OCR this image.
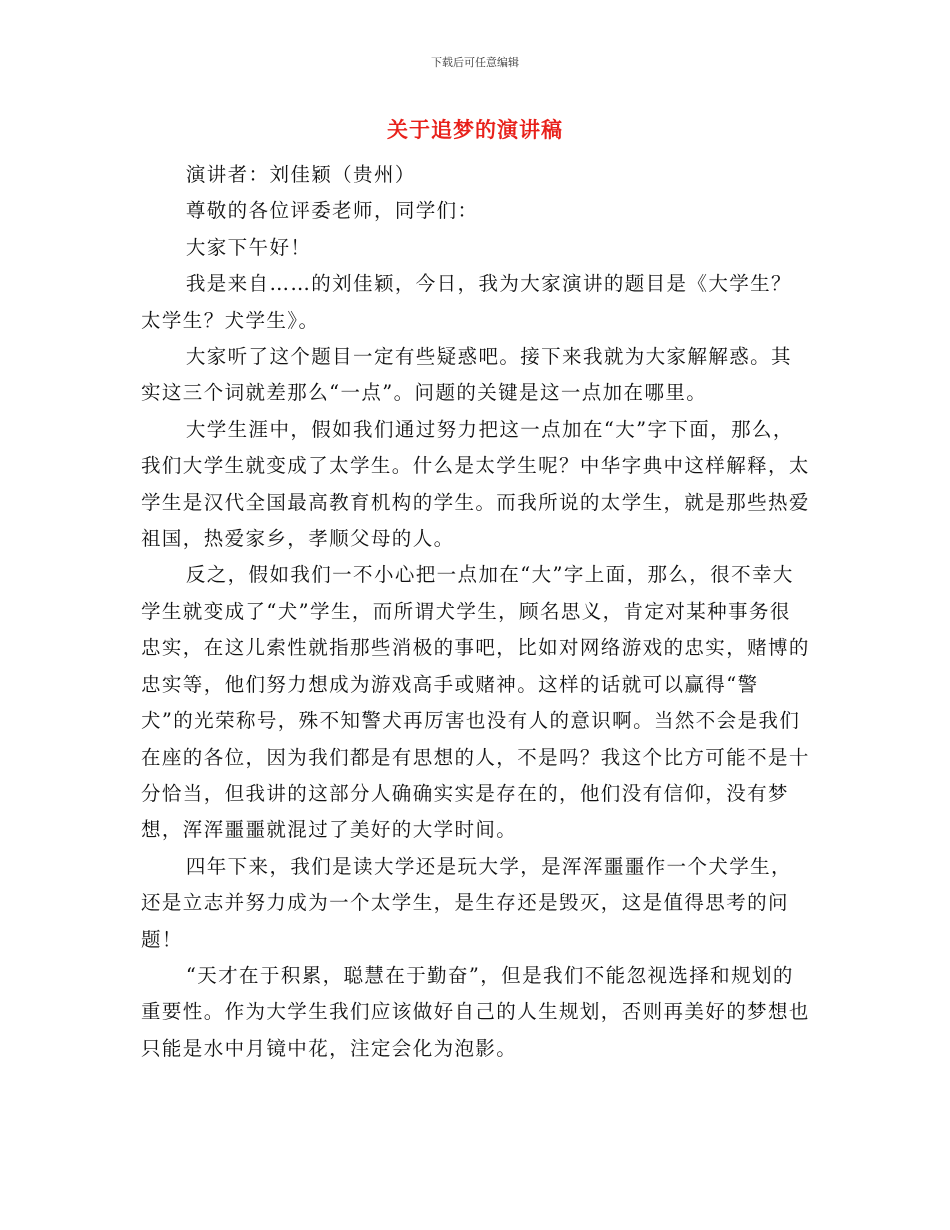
下载后可任意编辑
关于追梦的演讲稿

演讲者：刘佳颖（贵州）

尊敬的各位评委老师，同学们：

大家下午好！

我是来自……的刘佳颖，今日，我为大家演讲的题目是《大学生？太学生？犬学生》。

大家听了这个题目一定有些疑惑吧。接下来我就为大家解解惑。其实这三个词就差那么“一点”。问题的关键是这一点加在哪里。

大学生涯中，假如我们通过努力把这一点加在“大”字下面，那么，我们大学生就变成了太学生。什么是太学生呢？中华字典中这样解释，太学生是汉代全国最高教育机构的学生。而我所说的太学生，就是那些热爱祖国，热爱家乡，孝顺父母的人。

反之，假如我们一不小心把一点加在“大”字上面，那么，很不幸大学生就变成了“犬”学生，而所谓犬学生，顾名思义，肯定对某种事务很忠实，在这儿索性就指那些消极的事吧，比如对网络游戏的忠实，赌博的忠实等，他们努力想成为游戏高手或赌神。这样的话就可以赢得“警犬”的光荣称号，殊不知警犬再厉害也没有人的意识啊。当然不会是我们在座的各位，因为我们都是有思想的人，不是吗？我这个比方可能不是十分恰当，但我讲的这部分人确确实实是存在的，他们没有信仰，没有梦想，浑浑噩噩就混过了美好的大学时间。

四年下来，我们是读大学还是玩大学，是浑浑噩噩作一个犬学生，还是立志并努力成为一个太学生，是生存还是毁灭，这是值得思考的问题！

“天才在于积累，聪慧在于勤奋”，但是我们不能忽视选择和规划的重要性。作为大学生我们应该做好自己的人生规划，否则再美好的梦想也只能是水中月镜中花，注定会化为泡影。
